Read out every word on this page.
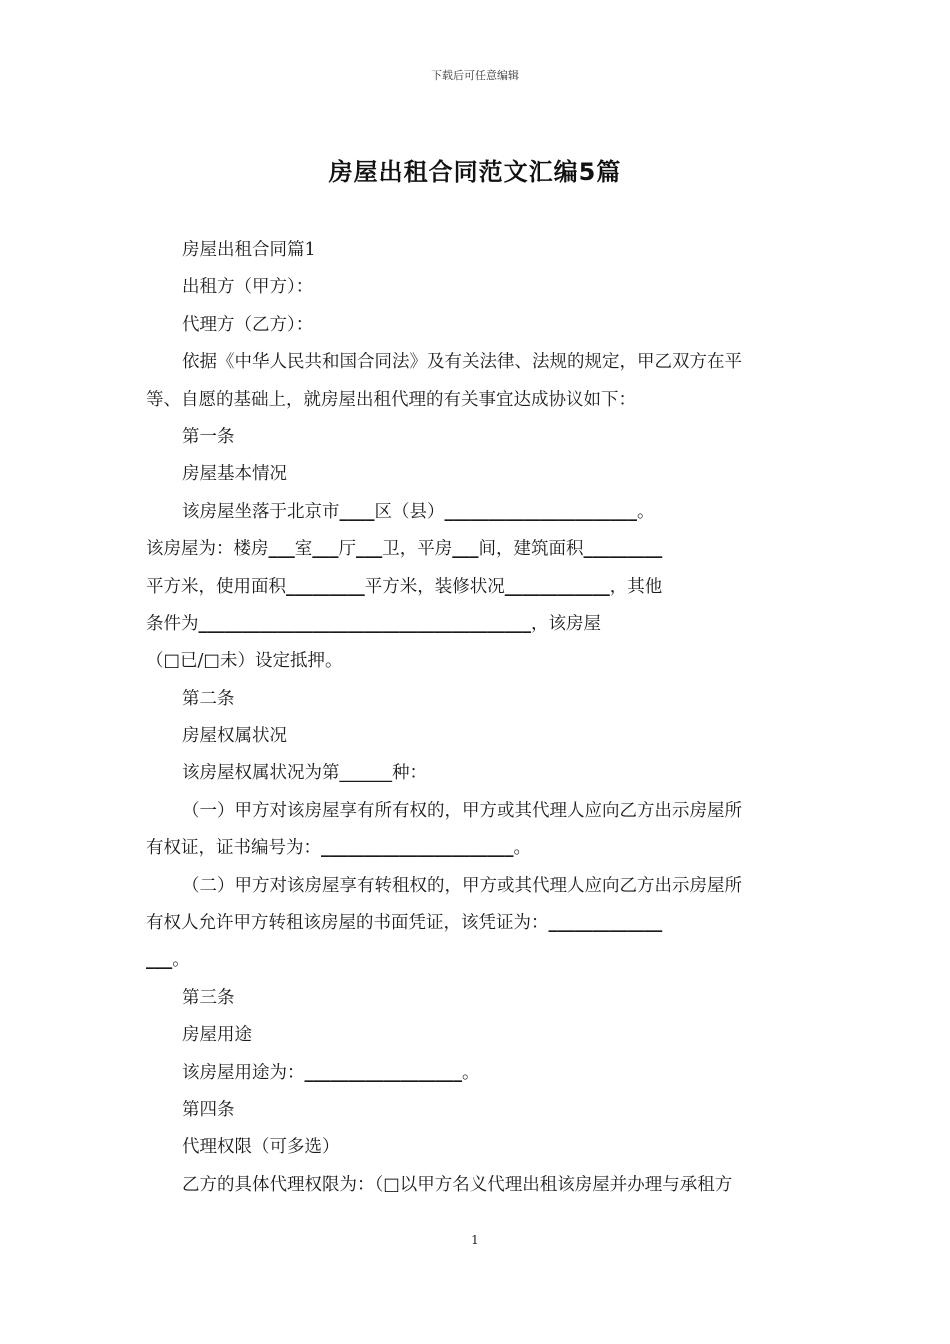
下载后可任意编辑
房屋出租合同范文汇编5篇
房屋出租合同篇1
出租方（甲方）：
代理方（乙方）：
依据《中华人民共和国合同法》及有关法律、法规的规定，甲乙双方在平
等、自愿的基础上，就房屋出租代理的有关事宜达成协议如下：
第一条
房屋基本情况
该房屋坐落于北京市____区（县）______________________。
该房屋为：楼房___室___厅___卫，平房___间，建筑面积_________
平方米，使用面积_________平方米，装修状况____________，其他
条件为______________________________________，该房屋
（□已/□未）设定抵押。
第二条
房屋权属状况
该房屋权属状况为第______种：
（一）甲方对该房屋享有所有权的，甲方或其代理人应向乙方出示房屋所
有权证，证书编号为：______________________。
（二）甲方对该房屋享有转租权的，甲方或其代理人应向乙方出示房屋所
有权人允许甲方转租该房屋的书面凭证，该凭证为：_____________
___。
第三条
房屋用途
该房屋用途为：__________________。
第四条
代理权限（可多选）
乙方的具体代理权限为：（□以甲方名义代理出租该房屋并办理与承租方
1
